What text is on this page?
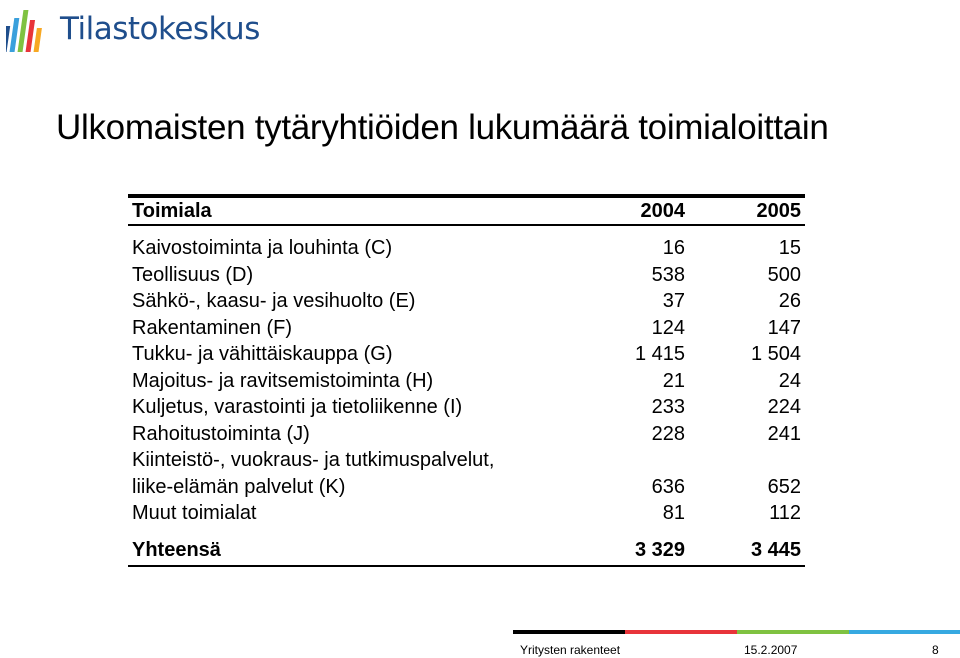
Tilastokeskus
Ulkomaisten tytäryhtiöiden lukumäärä toimialoittain
Toimiala	2004	2005
Kaivostoiminta ja louhinta (C)	16	15
Teollisuus (D)	538	500
Sähkö-, kaasu- ja vesihuolto (E)	37	26
Rakentaminen (F)	124	147
Tukku- ja vähittäiskauppa (G)	1 415	1 504
Majoitus- ja ravitsemistoiminta (H)	21	24
Kuljetus, varastointi ja tietoliikenne (I)	233	224
Rahoitustoiminta (J)	228	241
Kiinteistö-, vuokraus- ja tutkimuspalvelut,
liike-elämän palvelut (K)	636	652
Muut toimialat	81	112
Yhteensä	3 329	3 445
Yritysten rakenteet	15.2.2007	8
